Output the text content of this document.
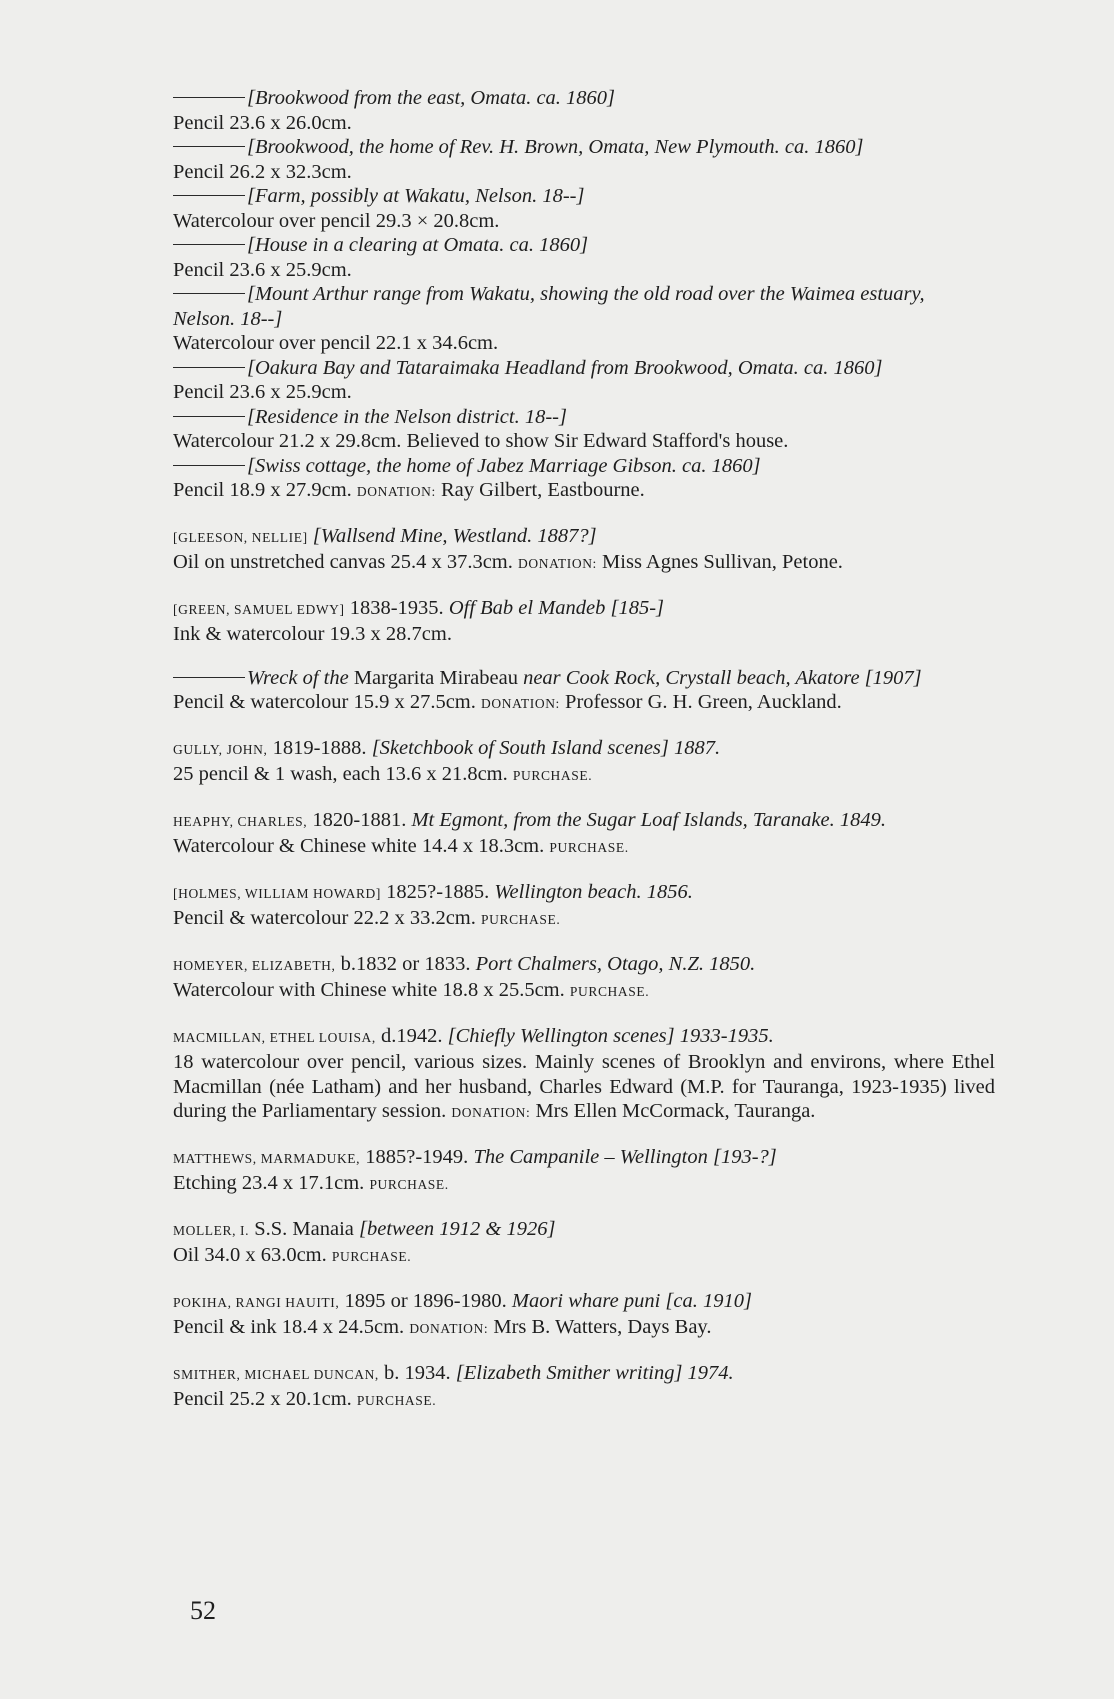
[Brookwood from the east, Omata. ca. 1860]
Pencil 23.6 x 26.0cm.

[Brookwood, the home of Rev. H. Brown, Omata, New Plymouth. ca. 1860]
Pencil 26.2 x 32.3cm.

[Farm, possibly at Wakatu, Nelson. 18--]
Watercolour over pencil 29.3 × 20.8cm.

[House in a clearing at Omata. ca. 1860]
Pencil 23.6 x 25.9cm.

[Mount Arthur range from Wakatu, showing the old road over the Waimea estuary,
Nelson. 18--]
Watercolour over pencil 22.1 x 34.6cm.

[Oakura Bay and Tataraimaka Headland from Brookwood, Omata. ca. 1860]
Pencil 23.6 x 25.9cm.

[Residence in the Nelson district. 18--]
Watercolour 21.2 x 29.8cm. Believed to show Sir Edward Stafford's house.

[Swiss cottage, the home of Jabez Marriage Gibson. ca. 1860]
Pencil 18.9 x 27.9cm. DONATION: Ray Gilbert, Eastbourne.

[GLEESON, NELLIE] [Wallsend Mine, Westland. 1887?]
Oil on unstretched canvas 25.4 x 37.3cm. DONATION: Miss Agnes Sullivan, Petone.

[GREEN, SAMUEL EDWY] 1838-1935. Off Bab el Mandeb [185-]
Ink & watercolour 19.3 x 28.7cm.

Wreck of the Margarita Mirabeau near Cook Rock, Crystall beach, Akatore [1907]
Pencil & watercolour 15.9 x 27.5cm. DONATION: Professor G. H. Green, Auckland.

GULLY, JOHN, 1819-1888. [Sketchbook of South Island scenes] 1887.
25 pencil & 1 wash, each 13.6 x 21.8cm. PURCHASE.

HEAPHY, CHARLES, 1820-1881. Mt Egmont, from the Sugar Loaf Islands, Taranake. 1849.
Watercolour & Chinese white 14.4 x 18.3cm. PURCHASE.

[HOLMES, WILLIAM HOWARD] 1825?-1885. Wellington beach. 1856.
Pencil & watercolour 22.2 x 33.2cm. PURCHASE.

HOMEYER, ELIZABETH, b.1832 or 1833. Port Chalmers, Otago, N.Z. 1850.
Watercolour with Chinese white 18.8 x 25.5cm. PURCHASE.

MACMILLAN, ETHEL LOUISA, d.1942. [Chiefly Wellington scenes] 1933-1935.
18 watercolour over pencil, various sizes. Mainly scenes of Brooklyn and environs, where Ethel Macmillan (née Latham) and her husband, Charles Edward (M.P. for Tauranga, 1923-1935) lived during the Parliamentary session. DONATION: Mrs Ellen McCormack, Tauranga.

MATTHEWS, MARMADUKE, 1885?-1949. The Campanile – Wellington [193-?]
Etching 23.4 x 17.1cm. PURCHASE.

MOLLER, I. S.S. Manaia [between 1912 & 1926]
Oil 34.0 x 63.0cm. PURCHASE.

POKIHA, RANGI HAUITI, 1895 or 1896-1980. Maori whare puni [ca. 1910]
Pencil & ink 18.4 x 24.5cm. DONATION: Mrs B. Watters, Days Bay.

SMITHER, MICHAEL DUNCAN, b. 1934. [Elizabeth Smither writing] 1974.
Pencil 25.2 x 20.1cm. PURCHASE.

52
